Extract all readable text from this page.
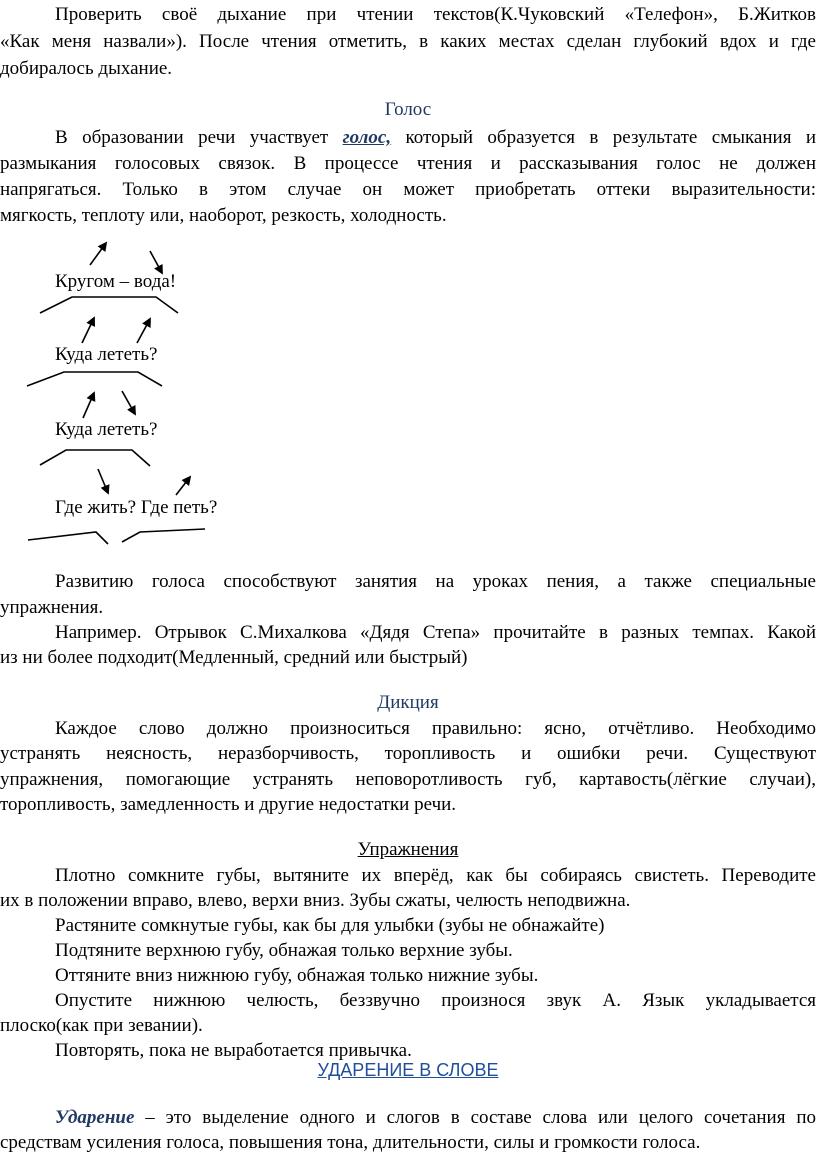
Проверить своё дыхание при чтении текстов(К.Чуковский «Телефон», Б.Житков
«Как меня назвали»). После чтения отметить, в каких местах сделан глубокий вдох и где
добиралось дыхание.
Голос
В образовании речи участвует голос, который образуется в результате смыкания и
размыкания голосовых связок. В процессе чтения и рассказывания голос не должен
напрягаться. Только в этом случае он может приобретать оттеки выразительности:
мягкость, теплоту или, наоборот, резкость, холодность.
Кругом – вода!
Куда лететь?
Куда лететь?
Где жить? Где петь?
Развитию голоса способствуют занятия на уроках пения, а также специальные
упражнения.
Например. Отрывок С.Михалкова «Дядя Степа» прочитайте в разных темпах. Какой
из ни более подходит(Медленный, средний или быстрый)
Дикция
Каждое слово должно произноситься правильно: ясно, отчётливо. Необходимо
устранять неясность, неразборчивость, торопливость и ошибки речи. Существуют
упражнения, помогающие устранять неповоротливость губ, картавость(лёгкие случаи),
торопливость, замедленность и другие недостатки речи.
Упражнения
Плотно сомкните губы, вытяните их вперёд, как бы собираясь свистеть. Переводите
их в положении вправо, влево, верхи вниз. Зубы сжаты, челюсть неподвижна.
Растяните сомкнутые губы, как бы для улыбки (зубы не обнажайте)
Подтяните верхнюю губу, обнажая только верхние зубы.
Оттяните вниз нижнюю губу, обнажая только нижние зубы.
Опустите нижнюю челюсть, беззвучно произнося звук А. Язык укладывается
плоско(как при зевании).
Повторять, пока не выработается привычка.
УДАРЕНИЕ В СЛОВЕ
Ударение – это выделение одного и слогов в составе слова или целого сочетания по
средствам усиления голоса, повышения тона, длительности, силы и громкости голоса.
